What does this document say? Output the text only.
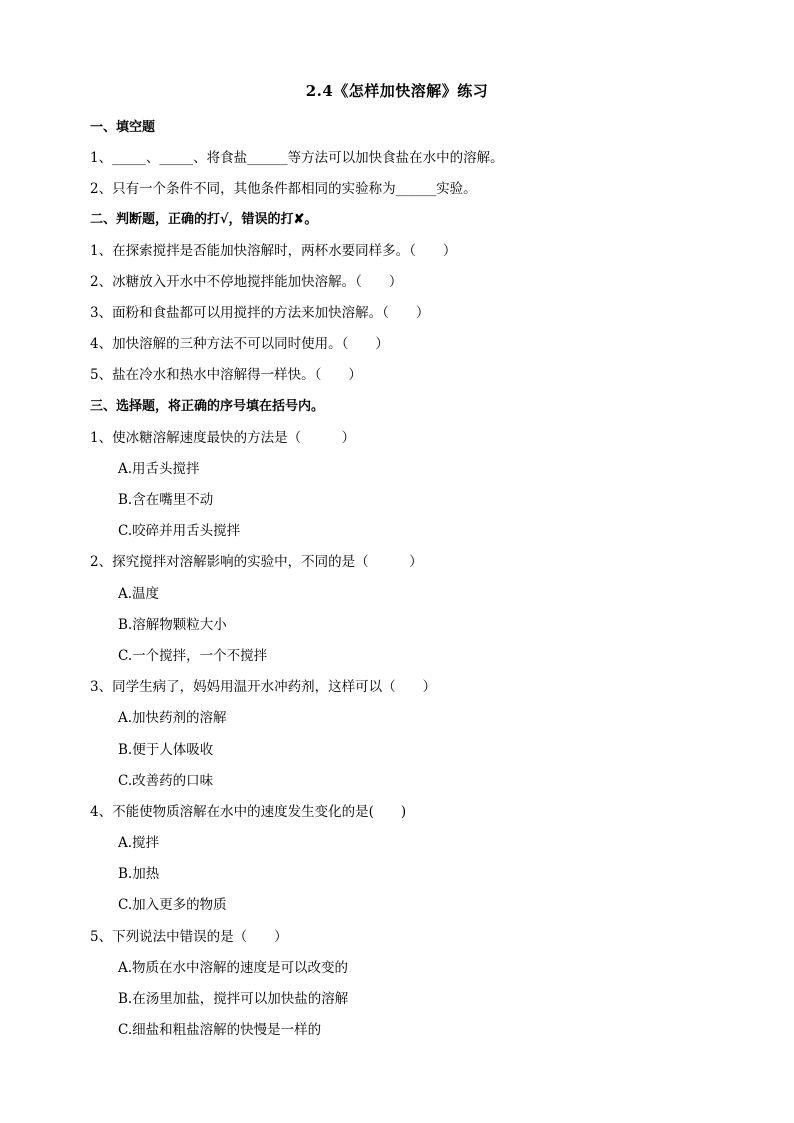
2.4《怎样加快溶解》练习
一、填空题
1、_____、_____、将食盐______等方法可以加快食盐在水中的溶解。
2、只有一个条件不同，其他条件都相同的实验称为______实验。
二、判断题，正确的打√，错误的打✘。
1、在探索搅拌是否能加快溶解时，两杯水要同样多。（　　）
2、冰糖放入开水中不停地搅拌能加快溶解。（　　）
3、面粉和食盐都可以用搅拌的方法来加快溶解。（　　）
4、加快溶解的三种方法不可以同时使用。（　　）
5、盐在冷水和热水中溶解得一样快。（　　）
三、选择题，将正确的序号填在括号内。
1、使冰糖溶解速度最快的方法是（　　　）
A.用舌头搅拌
B.含在嘴里不动
C.咬碎并用舌头搅拌
2、探究搅拌对溶解影响的实验中，不同的是（　　　）
A.温度
B.溶解物颗粒大小
C.一个搅拌，一个不搅拌
3、同学生病了，妈妈用温开水冲药剂，这样可以（　　）
A.加快药剂的溶解
B.便于人体吸收
C.改善药的口味
4、不能使物质溶解在水中的速度发生变化的是(　　)
A.搅拌
B.加热
C.加入更多的物质
5、下列说法中错误的是（　　）
A.物质在水中溶解的速度是可以改变的
B.在汤里加盐，搅拌可以加快盐的溶解
C.细盐和粗盐溶解的快慢是一样的
